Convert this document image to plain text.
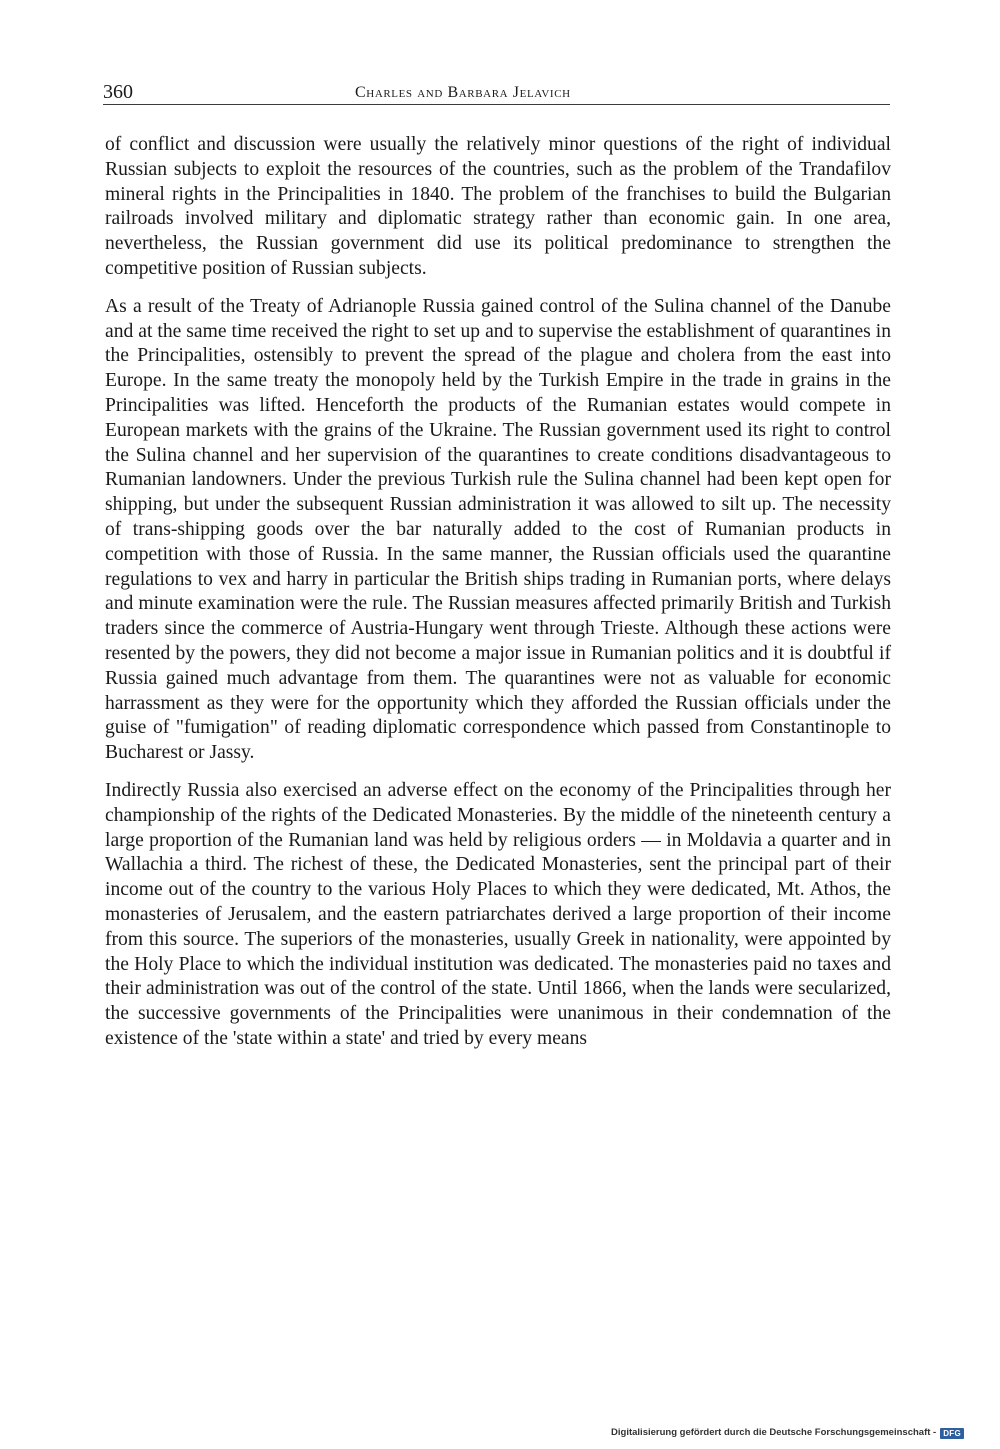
360	Charles and Barbara Jelavich

of conflict and discussion were usually the relatively minor questions of the right of individual Russian subjects to exploit the resources of the countries, such as the problem of the Trandafilov mineral rights in the Principalities in 1840. The problem of the franchises to build the Bulgarian railroads involved military and diplomatic strategy rather than economic gain. In one area, nevertheless, the Russian government did use its political predominance to strengthen the competitive position of Russian subjects.

As a result of the Treaty of Adrianople Russia gained control of the Sulina channel of the Danube and at the same time received the right to set up and to supervise the establishment of quarantines in the Principalities, ostensibly to prevent the spread of the plague and cholera from the east into Europe. In the same treaty the monopoly held by the Turkish Empire in the trade in grains in the Principalities was lifted. Henceforth the products of the Rumanian estates would compete in European markets with the grains of the Ukraine. The Russian government used its right to control the Sulina channel and her supervision of the quarantines to create conditions disadvantageous to Rumanian landowners. Under the previous Turkish rule the Sulina channel had been kept open for shipping, but under the subsequent Russian administration it was allowed to silt up. The necessity of trans-shipping goods over the bar naturally added to the cost of Rumanian products in competition with those of Russia. In the same manner, the Russian officials used the quarantine regulations to vex and harry in particular the British ships trading in Rumanian ports, where delays and minute examination were the rule. The Russian measures affected primarily British and Turkish traders since the commerce of Austria-Hungary went through Trieste. Although these actions were resented by the powers, they did not become a major issue in Rumanian politics and it is doubtful if Russia gained much advantage from them. The quarantines were not as valuable for economic harrassment as they were for the opportunity which they afforded the Russian officials under the guise of "fumigation" of reading diplomatic correspondence which passed from Constantinople to Bucharest or Jassy.

Indirectly Russia also exercised an adverse effect on the economy of the Principalities through her championship of the rights of the Dedicated Monasteries. By the middle of the nineteenth century a large proportion of the Rumanian land was held by religious orders — in Moldavia a quarter and in Wallachia a third. The richest of these, the Dedicated Monasteries, sent the principal part of their income out of the country to the various Holy Places to which they were dedicated, Mt. Athos, the monasteries of Jerusalem, and the eastern patriarchates derived a large proportion of their income from this source. The superiors of the monasteries, usually Greek in nationality, were appointed by the Holy Place to which the individual institution was dedicated. The monasteries paid no taxes and their administration was out of the control of the state. Until 1866, when the lands were secularized, the successive governments of the Principalities were unanimous in their condemnation of the existence of the 'state within a state' and tried by every means

Digitalisierung gefördert durch die Deutsche Forschungsgemeinschaft - DFG
